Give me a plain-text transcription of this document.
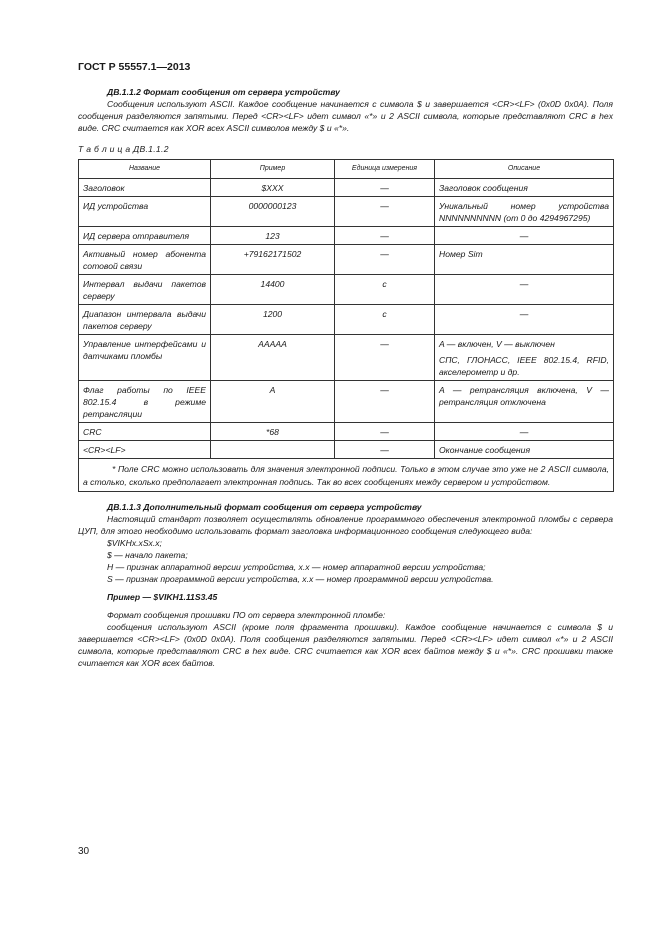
ГОСТ Р 55557.1—2013
ДВ.1.1.2 Формат сообщения от сервера устройству
Сообщения используют ASCII. Каждое сообщение начинается с символа $ и завершается <CR><LF> (0x0D 0x0A). Поля сообщения разделяются запятыми. Перед <CR><LF> идет символ «*» и 2 ASCII символа, которые представляют CRC в hex виде. CRC считается как XOR всех ASCII символов между $ и «*».
Т а б л и ц а ДВ.1.1.2
Название	Пример	Единица измерения	Описание
Заголовок	$XXX	—	Заголовок сообщения
ИД устройства	0000000123	—	Уникальный номер устройства NNNNNNNNNN (от 0 до 4294967295)
ИД сервера отправителя	123	—	—
Активный номер абонента сотовой связи	+79162171502	—	Номер Sim
Интервал выдачи пакетов серверу	14400	с	—
Диапазон интервала выдачи пакетов серверу	1200	с	—
Управление интерфейсами и датчиками пломбы	AAAAA	—	A — включен, V — выключен
СПС, ГЛОНАСС, IEEE 802.15.4, RFID, акселерометр и др.

Флаг работы по IEEE 802.15.4 в режиме ретрансляции	A	—	A — ретрансляция включена, V — ретрансляция отключена
CRC	*68	—	—
<CR><LF>		—	Окончание сообщения
* Поле CRC можно использовать для значения электронной подписи. Только в этом случае это уже не 2 ASCII символа, а столько, сколько предполагает электронная подпись. Так во всех сообщениях между сервером и устройством.			
ДВ.1.1.3 Дополнительный формат сообщения от сервера устройству
Настоящий стандарт позволяет осуществлять обновление программного обеспечения электронной пломбы с сервера ЦУП, для этого необходимо использовать формат заголовка информационного сообщения следующего вида:
$VIKHx.xSx.x;
$ — начало пакета;
H — признак аппаратной версии устройства, x.x — номер аппаратной версии устройства;
S — признак программной версии устройства, x.x — номер программной версии устройства.
Пример — $VIKH1.11S3.45
Формат сообщения прошивки ПО от сервера электронной пломбе:
сообщения используют ASCII (кроме поля фрагмента прошивки). Каждое сообщение начинается с символа $ и завершается <CR><LF> (0x0D 0x0A). Поля сообщения разделяются запятыми. Перед <CR><LF> идет символ «*» и 2 ASCII символа, которые представляют CRC в hex виде. CRC считается как XOR всех байтов между $ и «*». CRC прошивки также считается как XOR всех байтов.
30
